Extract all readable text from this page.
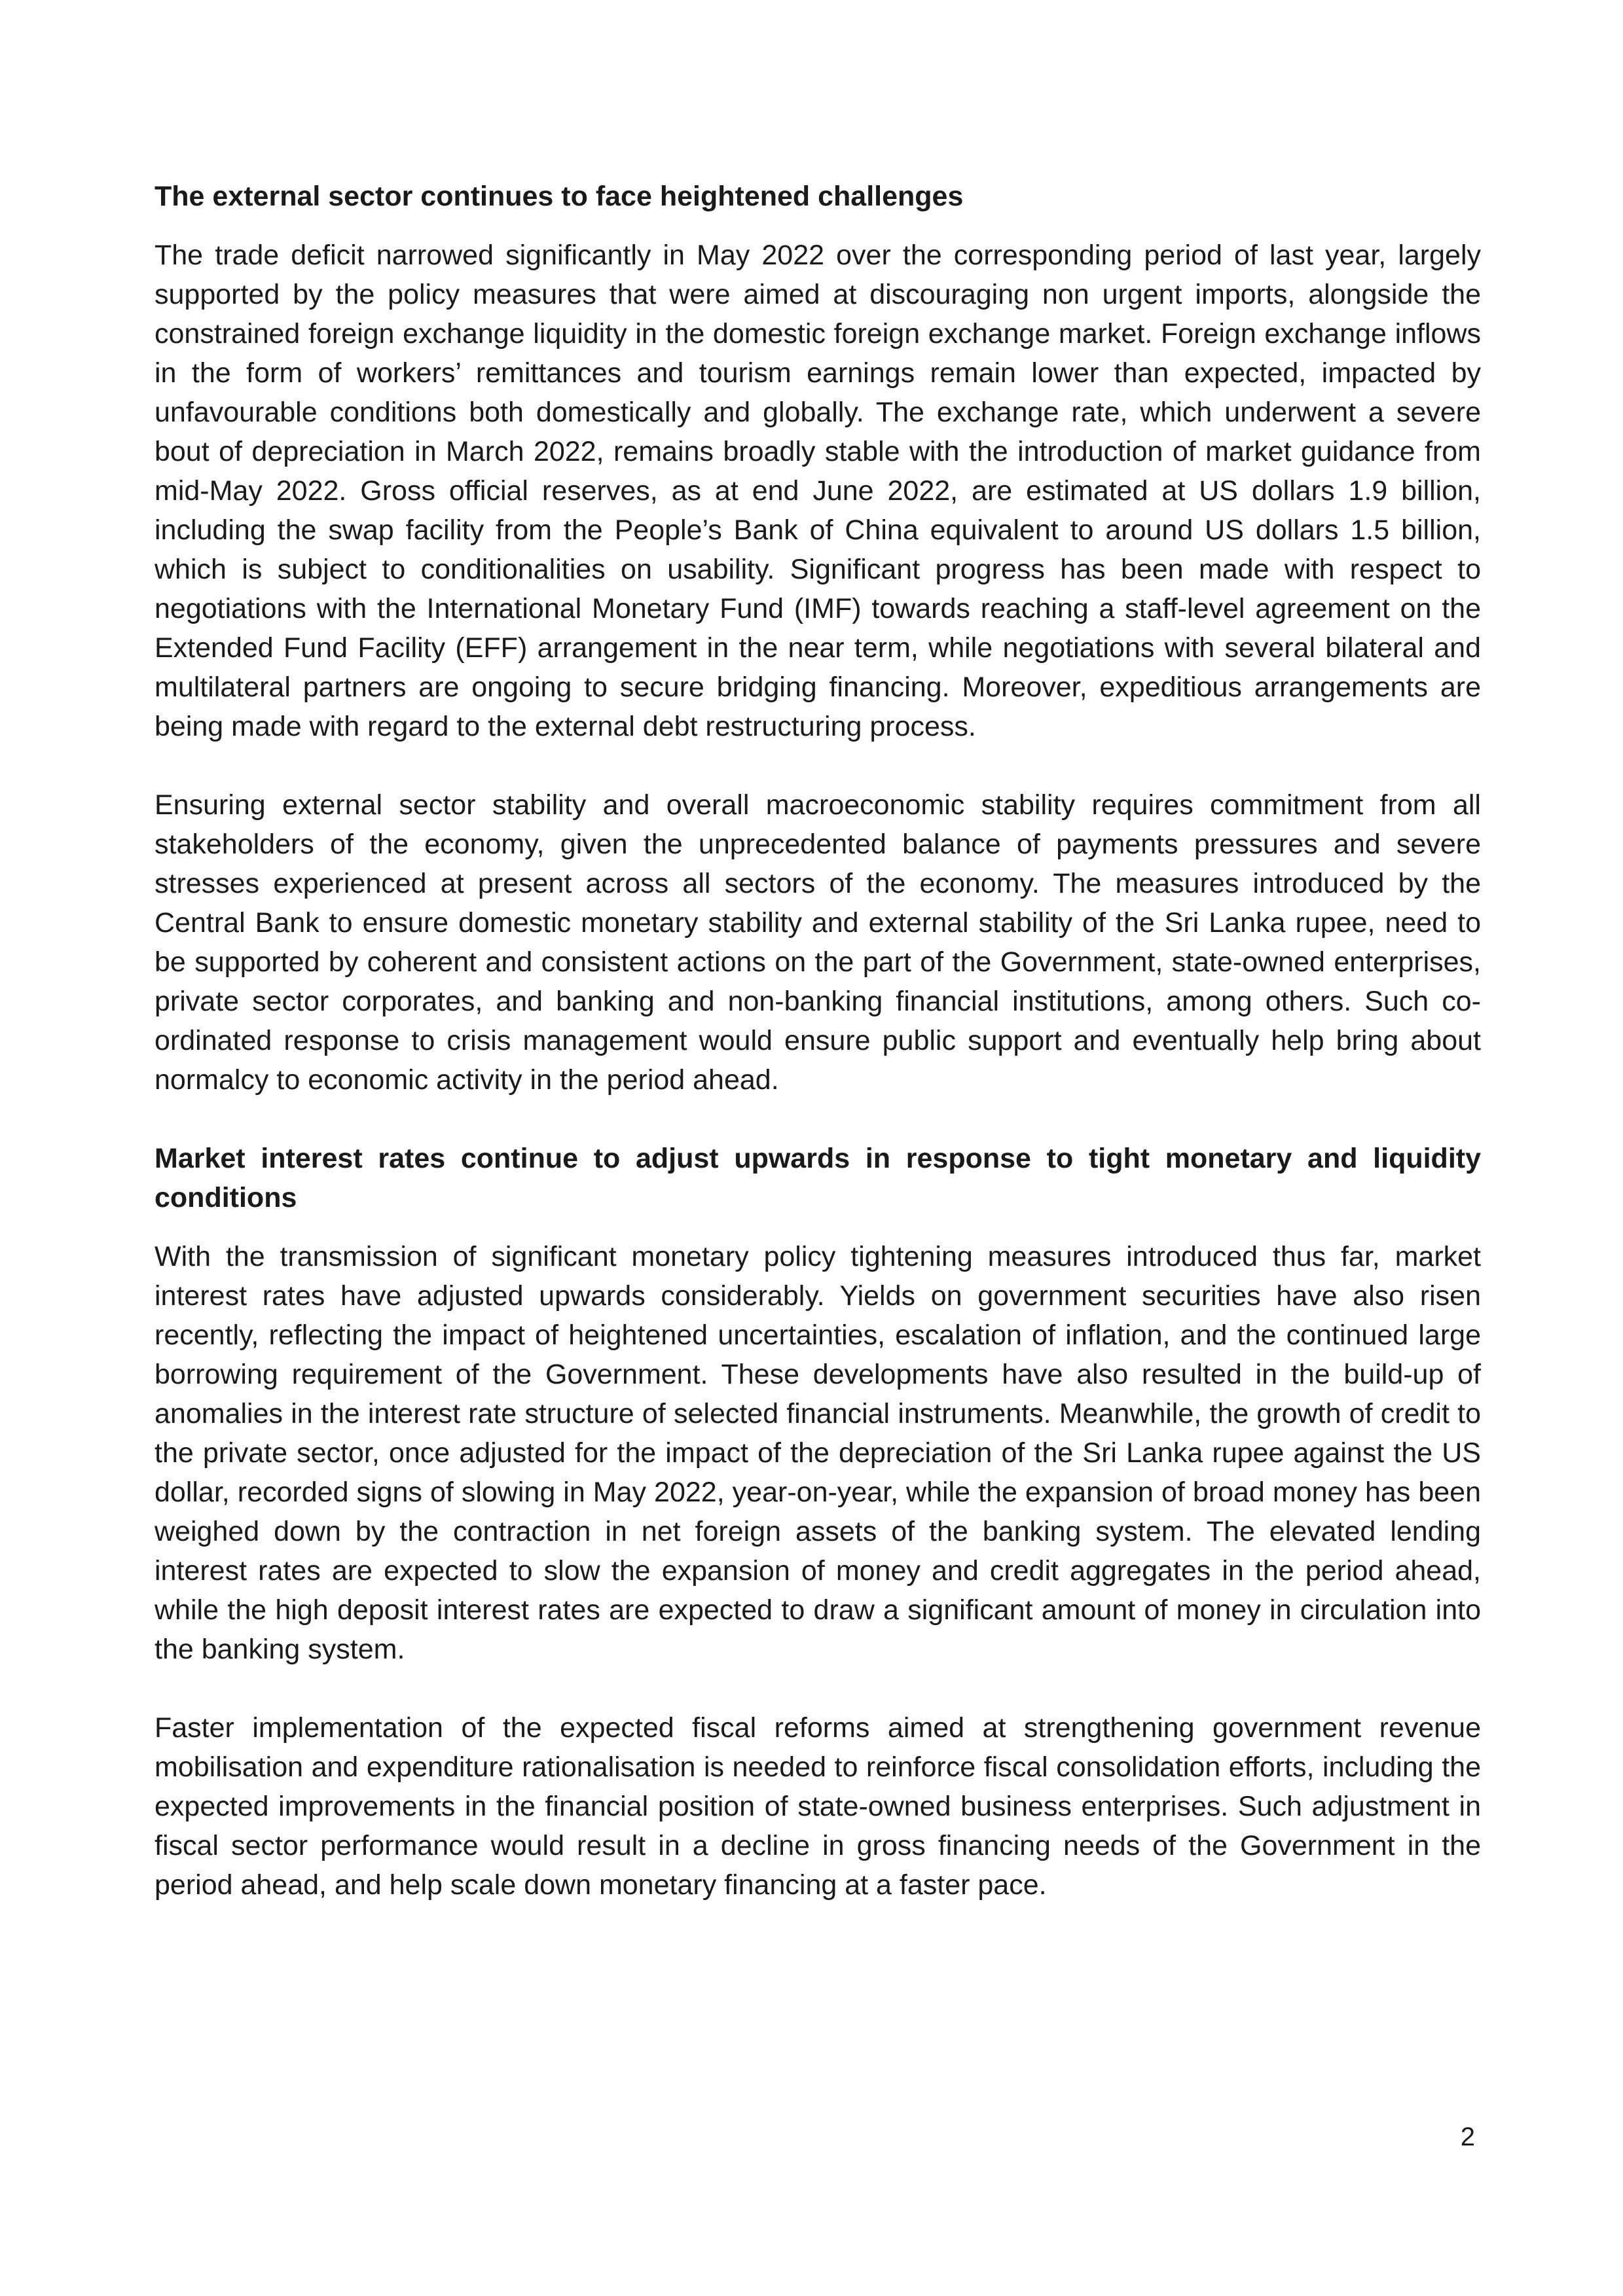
The external sector continues to face heightened challenges

The trade deficit narrowed significantly in May 2022 over the corresponding period of last year, largely supported by the policy measures that were aimed at discouraging non urgent imports, alongside the constrained foreign exchange liquidity in the domestic foreign exchange market. Foreign exchange inflows in the form of workers’ remittances and tourism earnings remain lower than expected, impacted by unfavourable conditions both domestically and globally. The exchange rate, which underwent a severe bout of depreciation in March 2022, remains broadly stable with the introduction of market guidance from mid-May 2022. Gross official reserves, as at end June 2022, are estimated at US dollars 1.9 billion, including the swap facility from the People’s Bank of China equivalent to around US dollars 1.5 billion, which is subject to conditionalities on usability. Significant progress has been made with respect to negotiations with the International Monetary Fund (IMF) towards reaching a staff-level agreement on the Extended Fund Facility (EFF) arrangement in the near term, while negotiations with several bilateral and multilateral partners are ongoing to secure bridging financing. Moreover, expeditious arrangements are being made with regard to the external debt restructuring process.

Ensuring external sector stability and overall macroeconomic stability requires commitment from all stakeholders of the economy, given the unprecedented balance of payments pressures and severe stresses experienced at present across all sectors of the economy. The measures introduced by the Central Bank to ensure domestic monetary stability and external stability of the Sri Lanka rupee, need to be supported by coherent and consistent actions on the part of the Government, state-owned enterprises, private sector corporates, and banking and non-banking financial institutions, among others. Such co-ordinated response to crisis management would ensure public support and eventually help bring about normalcy to economic activity in the period ahead.

Market interest rates continue to adjust upwards in response to tight monetary and liquidity conditions

With the transmission of significant monetary policy tightening measures introduced thus far, market interest rates have adjusted upwards considerably. Yields on government securities have also risen recently, reflecting the impact of heightened uncertainties, escalation of inflation, and the continued large borrowing requirement of the Government. These developments have also resulted in the build-up of anomalies in the interest rate structure of selected financial instruments. Meanwhile, the growth of credit to the private sector, once adjusted for the impact of the depreciation of the Sri Lanka rupee against the US dollar, recorded signs of slowing in May 2022, year-on-year, while the expansion of broad money has been weighed down by the contraction in net foreign assets of the banking system. The elevated lending interest rates are expected to slow the expansion of money and credit aggregates in the period ahead, while the high deposit interest rates are expected to draw a significant amount of money in circulation into the banking system.

Faster implementation of the expected fiscal reforms aimed at strengthening government revenue mobilisation and expenditure rationalisation is needed to reinforce fiscal consolidation efforts, including the expected improvements in the financial position of state-owned business enterprises. Such adjustment in fiscal sector performance would result in a decline in gross financing needs of the Government in the period ahead, and help scale down monetary financing at a faster pace.

2
